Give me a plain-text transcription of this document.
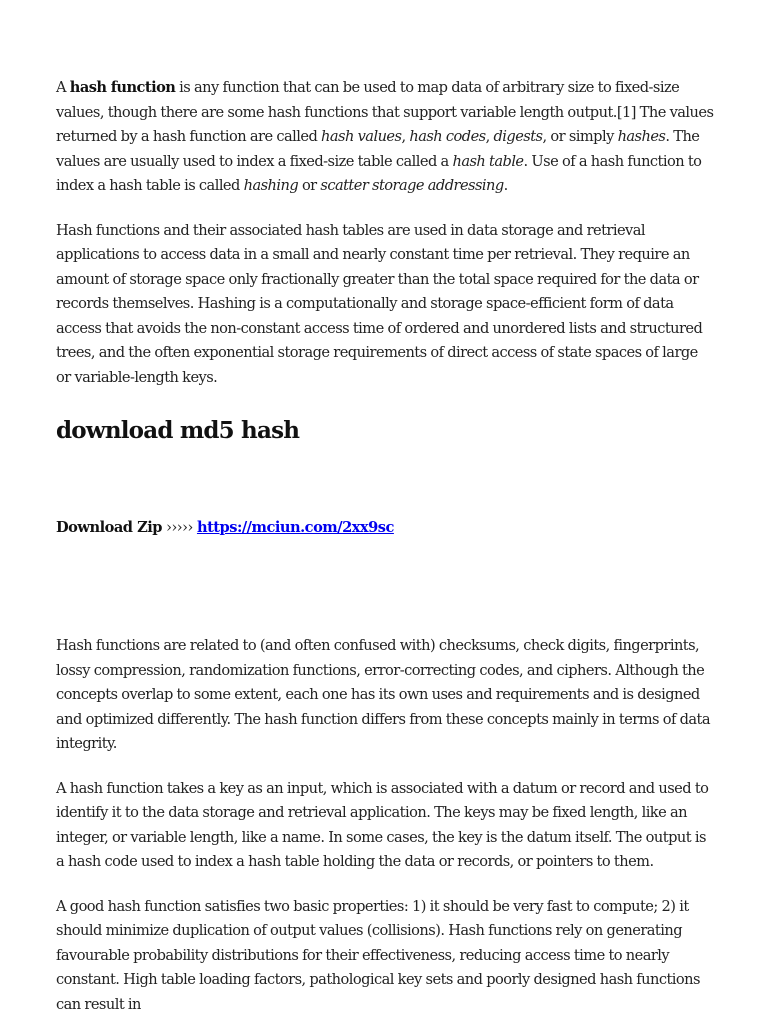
A hash function is any function that can be used to map data of arbitrary size to fixed-size values, though there are some hash functions that support variable length output.[1] The values returned by a hash function are called hash values, hash codes, digests, or simply hashes. The values are usually used to index a fixed-size table called a hash table. Use of a hash function to index a hash table is called hashing or scatter storage addressing.

Hash functions and their associated hash tables are used in data storage and retrieval applications to access data in a small and nearly constant time per retrieval. They require an amount of storage space only fractionally greater than the total space required for the data or records themselves. Hashing is a computationally and storage space-efficient form of data access that avoids the non-constant access time of ordered and unordered lists and structured trees, and the often exponential storage requirements of direct access of state spaces of large or variable-length keys.

download md5 hash
Download Zip ››››› https://mciun.com/2xx9sc

Hash functions are related to (and often confused with) checksums, check digits, fingerprints, lossy compression, randomization functions, error-correcting codes, and ciphers. Although the concepts overlap to some extent, each one has its own uses and requirements and is designed and optimized differently. The hash function differs from these concepts mainly in terms of data integrity.

A hash function takes a key as an input, which is associated with a datum or record and used to identify it to the data storage and retrieval application. The keys may be fixed length, like an integer, or variable length, like a name. In some cases, the key is the datum itself. The output is a hash code used to index a hash table holding the data or records, or pointers to them.

A good hash function satisfies two basic properties: 1) it should be very fast to compute; 2) it should minimize duplication of output values (collisions). Hash functions rely on generating favourable probability distributions for their effectiveness, reducing access time to nearly constant. High table loading factors, pathological key sets and poorly designed hash functions can result in
